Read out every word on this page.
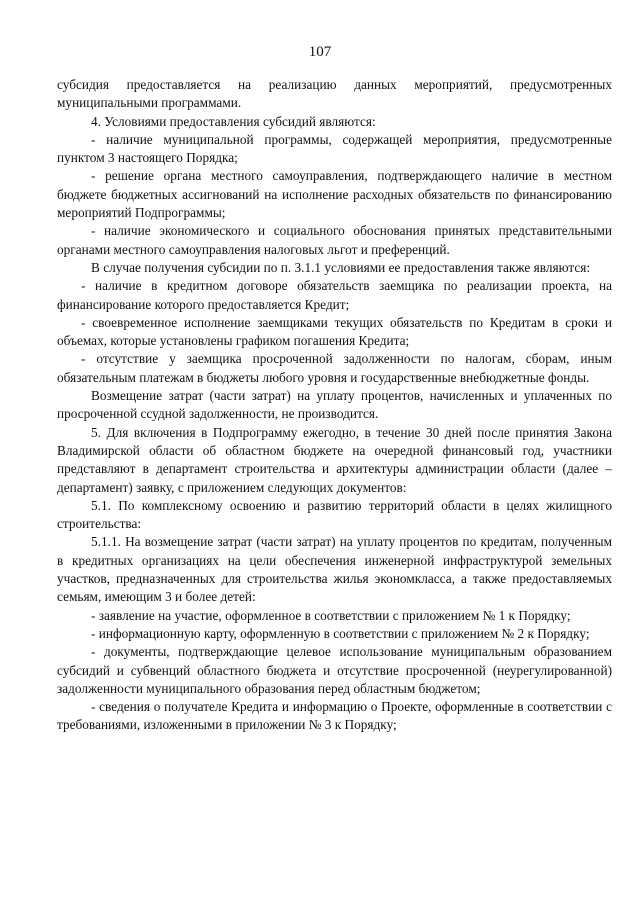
107

субсидия предоставляется на реализацию данных мероприятий, предусмотренных муниципальными программами.

4. Условиями предоставления субсидий являются:

- наличие муниципальной программы, содержащей мероприятия, предусмотренные пунктом 3 настоящего Порядка;

- решение органа местного самоуправления, подтверждающего наличие в местном бюджете бюджетных ассигнований на исполнение расходных обязательств по финансированию мероприятий Подпрограммы;

- наличие экономического и социального обоснования принятых представительными органами местного самоуправления налоговых льгот и преференций.

В случае получения субсидии по п. 3.1.1 условиями ее предоставления также являются:

- наличие в кредитном договоре обязательств заемщика по реализации проекта, на финансирование которого предоставляется Кредит;

- своевременное исполнение заемщиками текущих обязательств по Кредитам в сроки и объемах, которые установлены графиком погашения Кредита;

- отсутствие у заемщика просроченной задолженности по налогам, сборам, иным обязательным платежам в бюджеты любого уровня и государственные внебюджетные фонды.

Возмещение затрат (части затрат) на уплату процентов, начисленных и уплаченных по просроченной ссудной задолженности, не производится.

5. Для включения в Подпрограмму ежегодно, в течение 30 дней после принятия Закона Владимирской области об областном бюджете на очередной финансовый год, участники представляют в департамент строительства и архитектуры администрации области (далее – департамент) заявку, с приложением следующих документов:

5.1. По комплексному освоению и развитию территорий области в целях жилищного строительства:

5.1.1. На возмещение затрат (части затрат) на уплату процентов по кредитам, полученным в кредитных организациях на цели обеспечения инженерной инфраструктурой земельных участков, предназначенных для строительства жилья экономкласса, а также предоставляемых семьям, имеющим 3 и более детей:

- заявление на участие, оформленное в соответствии с приложением № 1 к Порядку;

- информационную карту, оформленную в соответствии с приложением № 2 к Порядку;

- документы, подтверждающие целевое использование муниципальным образованием субсидий и субвенций областного бюджета и отсутствие просроченной (неурегулированной) задолженности муниципального образования перед областным бюджетом;

- сведения о получателе Кредита и информацию о Проекте, оформленные в соответствии с требованиями, изложенными в приложении № 3 к Порядку;
